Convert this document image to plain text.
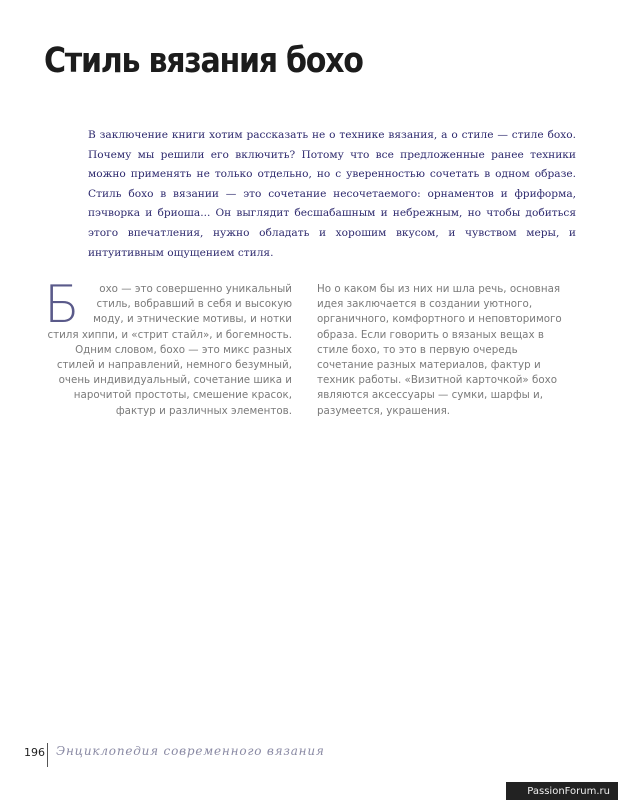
Стиль вязания бохо

В заключение книги хотим рассказать не о технике вязания, а о стиле — стиле бохо. Почему мы решили его включить? Потому что все предложенные ранее техники можно применять не только отдельно, но с уверенностью сочетать в одном образе. Стиль бохо в вязании — это сочетание несочетаемого: орнаментов и фриформа, пэчворка и бриоша... Он выглядит бесшабашным и небрежным, но чтобы добиться этого впечатления, нужно обладать и хорошим вкусом, и чувством меры, и интуитивным ощущением стиля.

Б охо — это совершенно уникальный стиль, вобравший в себя и высокую моду, и этнические мотивы, и нотки стиля хиппи, и «стрит стайл», и богемность. Одним словом, бохо — это микс разных стилей и направлений, немного безумный, очень индивидуальный, сочетание шика и нарочитой простоты, смешение красок, фактур и различных элементов.

Но о каком бы из них ни шла речь, основная идея заключается в создании уютного, органичного, комфортного и неповторимого образа. Если говорить о вязаных вещах в стиле бохо, то это в первую очередь сочетание разных материалов, фактур и техник работы. «Визитной карточкой» бохо являются аксессуары — сумки, шарфы и, разумеется, украшения.

196 Энциклопедия современного вязания

PassionForum.ru
